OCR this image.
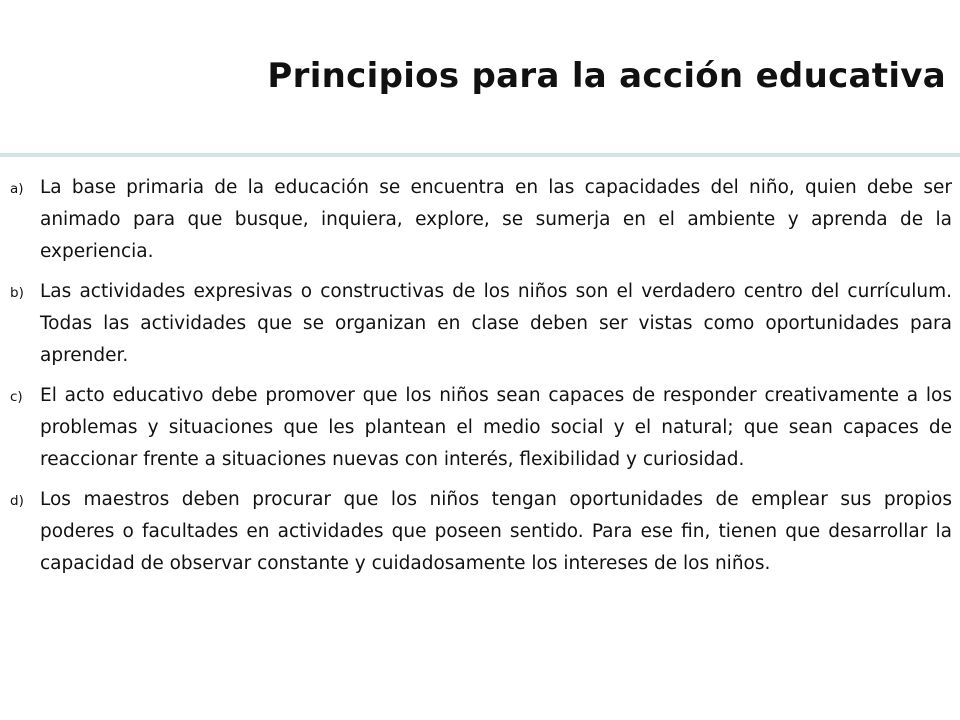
Principios para la acción educativa
a) La base primaria de la educación se encuentra en las capacidades del niño, quien debe ser animado para que busque, inquiera, explore, se sumerja en el ambiente y aprenda de la experiencia.
b) Las actividades expresivas o constructivas de los niños son el verdadero centro del currículum. Todas las actividades que se organizan en clase deben ser vistas como oportunidades para aprender.
c) El acto educativo debe promover que los niños sean capaces de responder creativamente a los problemas y situaciones que les plantean el medio social y el natural; que sean capaces de reaccionar frente a situaciones nuevas con interés, flexibilidad y curiosidad.
d) Los maestros deben procurar que los niños tengan oportunidades de emplear sus propios poderes o facultades en actividades que poseen sentido. Para ese fin, tienen que desarrollar la capacidad de observar constante y cuidadosamente los intereses de los niños.
